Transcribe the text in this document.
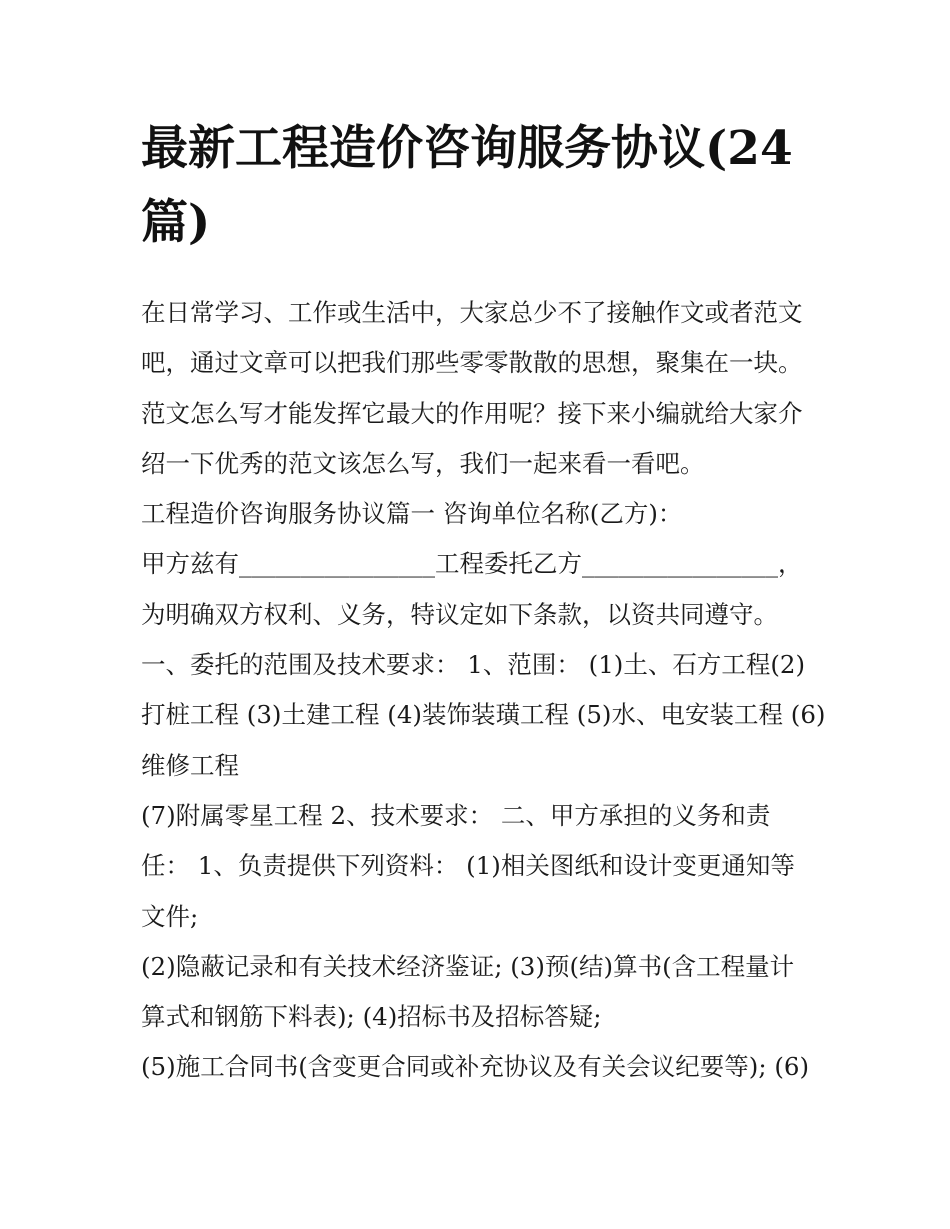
最新工程造价咨询服务协议(24
篇)
在日常学习、工作或生活中，大家总少不了接触作文或者范文
吧，通过文章可以把我们那些零零散散的思想，聚集在一块。
范文怎么写才能发挥它最大的作用呢？接下来小编就给大家介
绍一下优秀的范文该怎么写，我们一起来看一看吧。
工程造价咨询服务协议篇一 咨询单位名称(乙方)：
甲方兹有________________工程委托乙方________________，
为明确双方权利、义务，特议定如下条款，以资共同遵守。
一、委托的范围及技术要求： 1、范围： (1)土、石方工程(2)
打桩工程 (3)土建工程 (4)装饰装璜工程 (5)水、电安装工程 (6)
维修工程
(7)附属零星工程 2、技术要求： 二、甲方承担的义务和责
任： 1、负责提供下列资料： (1)相关图纸和设计变更通知等
文件;
(2)隐蔽记录和有关技术经济鉴证; (3)预(结)算书(含工程量计
算式和钢筋下料表); (4)招标书及招标答疑;
(5)施工合同书(含变更合同或补充协议及有关会议纪要等); (6)
